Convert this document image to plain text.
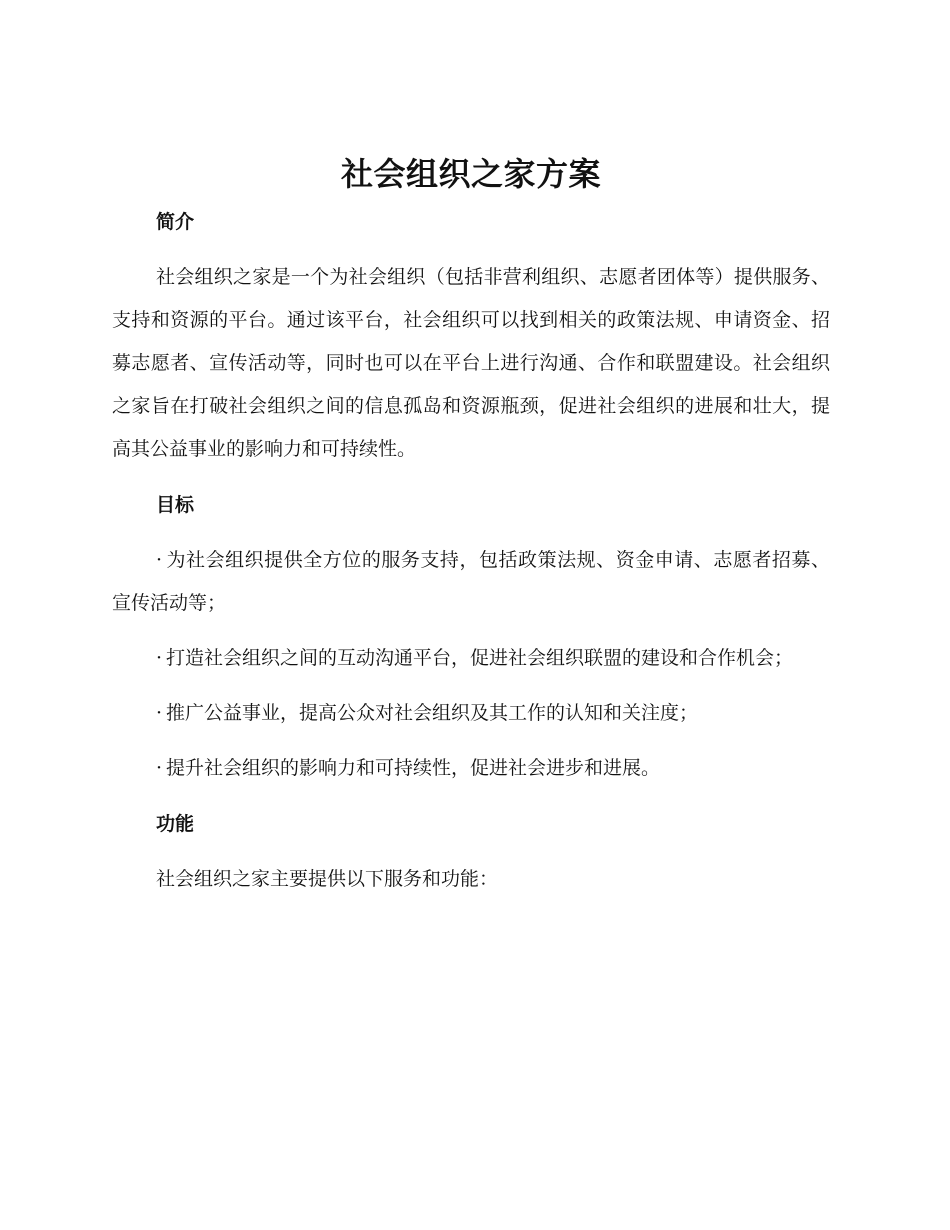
社会组织之家方案
简介

社会组织之家是一个为社会组织（包括非营利组织、志愿者团体等）提供服务、支持和资源的平台。通过该平台，社会组织可以找到相关的政策法规、申请资金、招募志愿者、宣传活动等，同时也可以在平台上进行沟通、合作和联盟建设。社会组织之家旨在打破社会组织之间的信息孤岛和资源瓶颈，促进社会组织的进展和壮大，提高其公益事业的影响力和可持续性。

目标
· 为社会组织提供全方位的服务支持，包括政策法规、资金申请、志愿者招募、宣传活动等；
· 打造社会组织之间的互动沟通平台，促进社会组织联盟的建设和合作机会；
· 推广公益事业，提高公众对社会组织及其工作的认知和关注度；
· 提升社会组织的影响力和可持续性，促进社会进步和进展。
功能

社会组织之家主要提供以下服务和功能：
